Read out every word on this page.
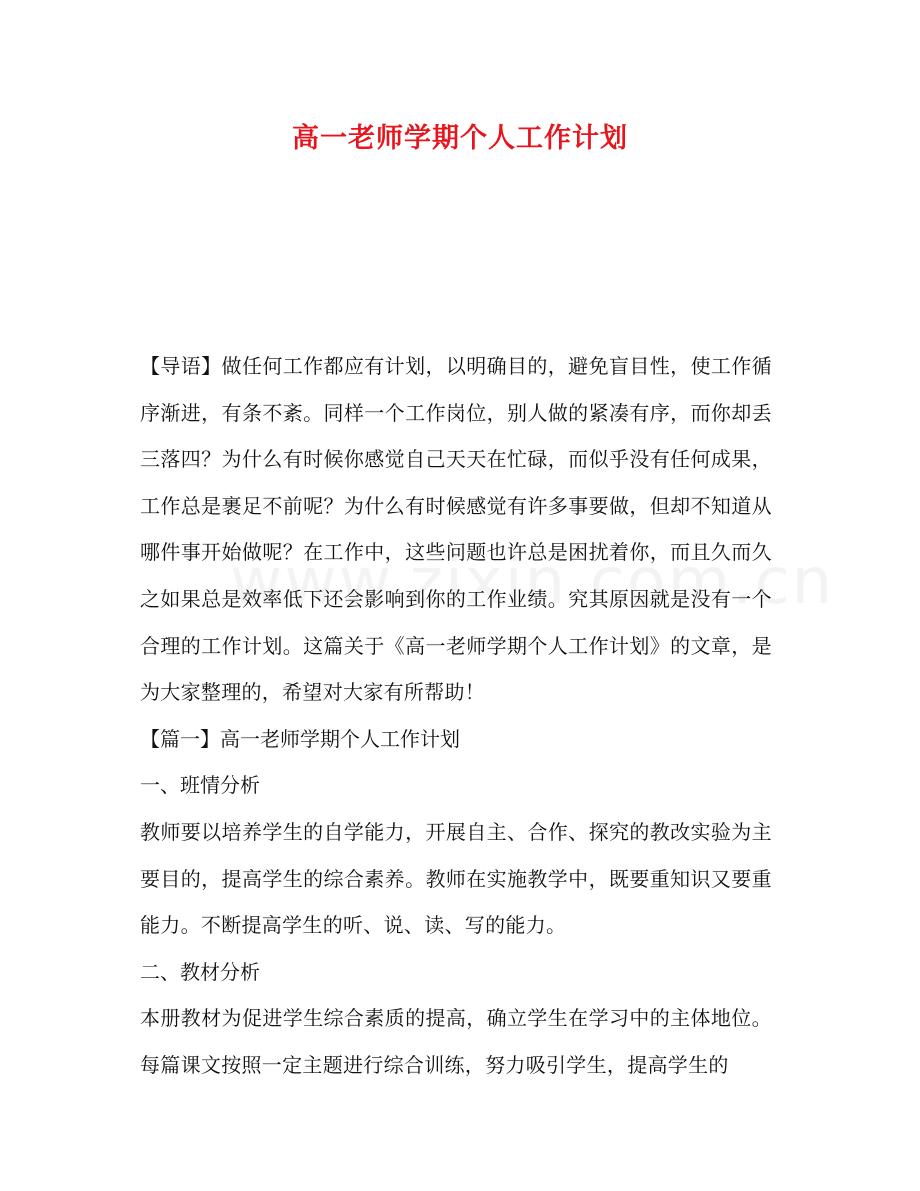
高一老师学期个人工作计划

【导语】做任何工作都应有计划，以明确目的，避免盲目性，使工作循序渐进，有条不紊。同样一个工作岗位，别人做的紧凑有序，而你却丢三落四？为什么有时候你感觉自己天天在忙碌，而似乎没有任何成果，工作总是裹足不前呢？为什么有时候感觉有许多事要做，但却不知道从哪件事开始做呢？在工作中，这些问题也许总是困扰着你，而且久而久之如果总是效率低下还会影响到你的工作业绩。究其原因就是没有一个合理的工作计划。这篇关于《高一老师学期个人工作计划》的文章，是为大家整理的，希望对大家有所帮助！

【篇一】高一老师学期个人工作计划

一、班情分析

教师要以培养学生的自学能力，开展自主、合作、探究的教改实验为主要目的，提高学生的综合素养。教师在实施教学中，既要重知识又要重能力。不断提高学生的听、说、读、写的能力。

二、教材分析

本册教材为促进学生综合素质的提高，确立学生在学习中的主体地位。每篇课文按照一定主题进行综合训练，努力吸引学生，提高学生的
